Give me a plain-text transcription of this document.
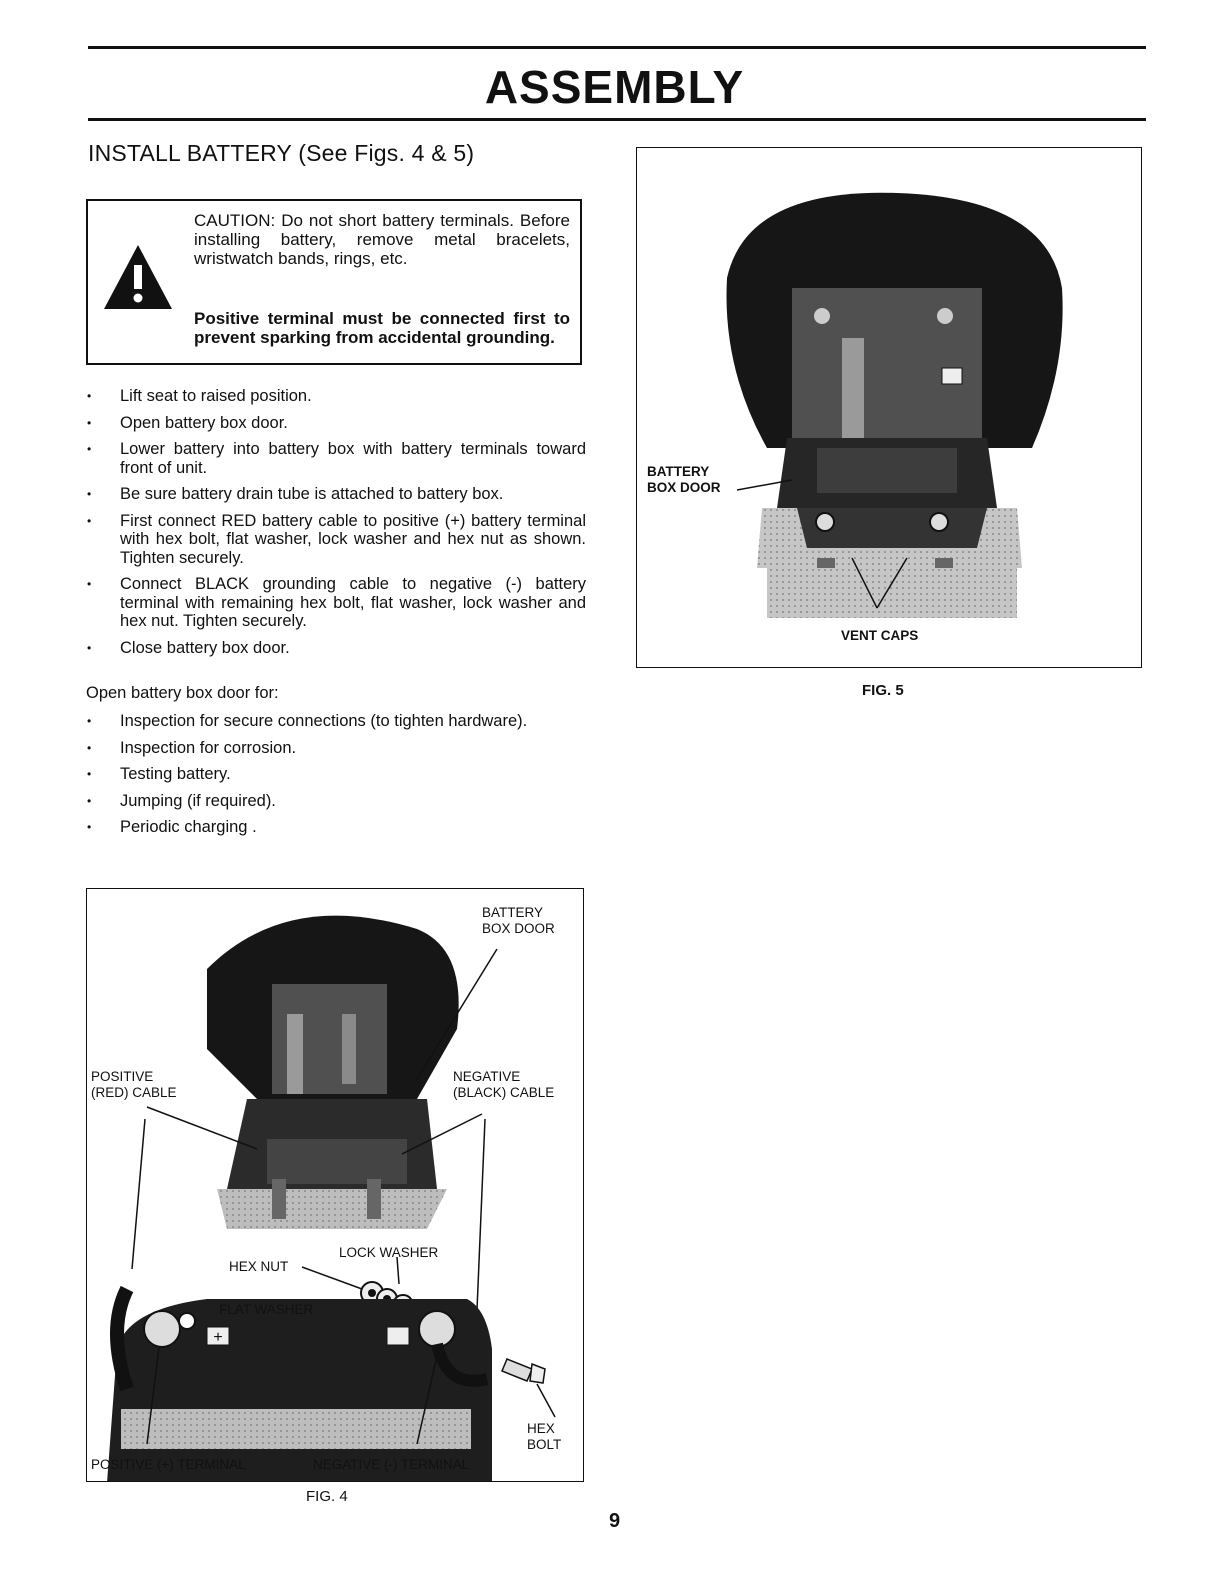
ASSEMBLY
INSTALL BATTERY (See Figs. 4 & 5)

CAUTION: Do not short battery terminals. Before installing battery, remove metal bracelets, wristwatch bands, rings, etc.

Positive terminal must be connected first to prevent sparking from accidental grounding.

• Lift seat to raised position.
• Open battery box door.
• Lower battery into battery box with battery terminals toward front of unit.
• Be sure battery drain tube is attached to battery box.
• First connect RED battery cable to positive (+) battery terminal with hex bolt, flat washer, lock washer and hex nut as shown. Tighten securely.
• Connect BLACK grounding cable to negative (-) battery terminal with remaining hex bolt, flat washer, lock washer and hex nut. Tighten securely.
• Close battery box door.

Open battery box door for:

• Inspection for secure connections (to tighten hardware).
• Inspection for corrosion.
• Testing battery.
• Jumping (if required).
• Periodic charging .
+

BATTERY
BOX DOOR

POSITIVE
(RED) CABLE

NEGATIVE
(BLACK) CABLE

LOCK WASHER

HEX NUT

FLAT WASHER

HEX
BOLT

POSITIVE (+) TERMINAL	NEGATIVE (-) TERMINAL

FIG. 4

BATTERY
BOX DOOR

VENT CAPS

FIG. 5

9
